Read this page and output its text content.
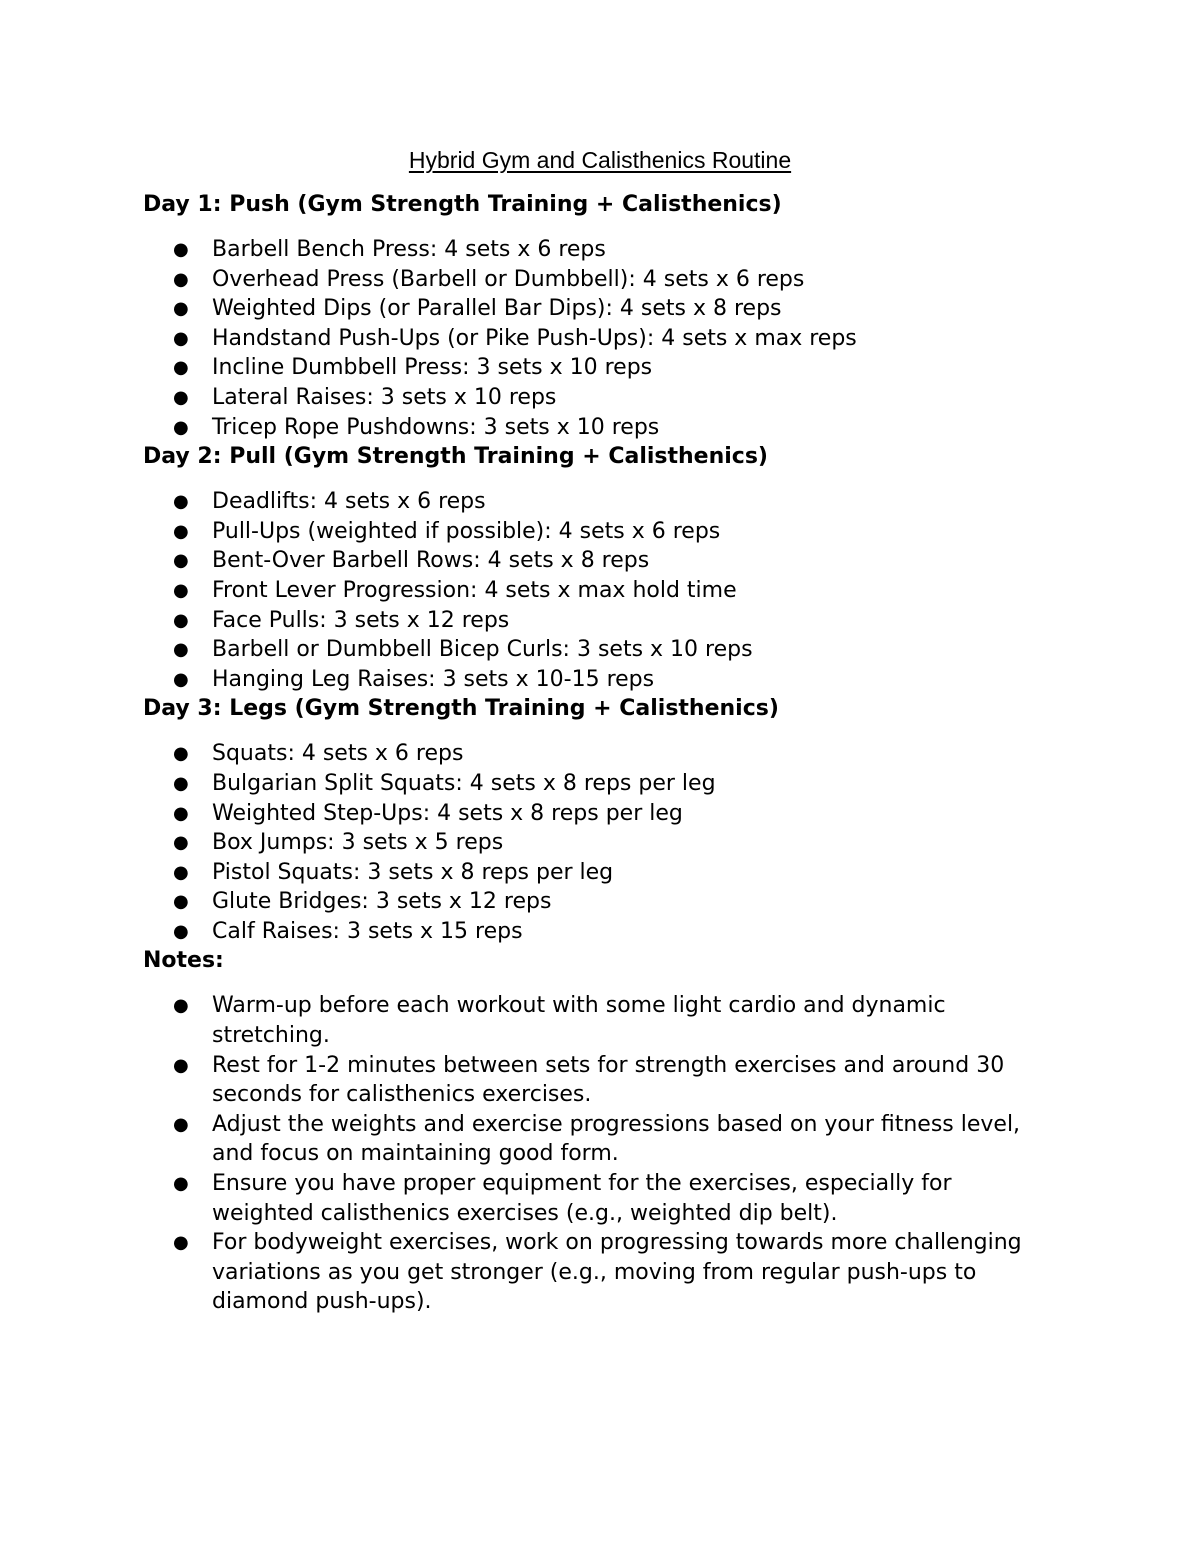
Hybrid Gym and Calisthenics Routine
Day 1: Push (Gym Strength Training + Calisthenics)
● Barbell Bench Press: 4 sets x 6 reps
● Overhead Press (Barbell or Dumbbell): 4 sets x 6 reps
● Weighted Dips (or Parallel Bar Dips): 4 sets x 8 reps
● Handstand Push-Ups (or Pike Push-Ups): 4 sets x max reps
● Incline Dumbbell Press: 3 sets x 10 reps
● Lateral Raises: 3 sets x 10 reps
● Tricep Rope Pushdowns: 3 sets x 10 reps
Day 2: Pull (Gym Strength Training + Calisthenics)
● Deadlifts: 4 sets x 6 reps
● Pull-Ups (weighted if possible): 4 sets x 6 reps
● Bent-Over Barbell Rows: 4 sets x 8 reps
● Front Lever Progression: 4 sets x max hold time
● Face Pulls: 3 sets x 12 reps
● Barbell or Dumbbell Bicep Curls: 3 sets x 10 reps
● Hanging Leg Raises: 3 sets x 10-15 reps
Day 3: Legs (Gym Strength Training + Calisthenics)
● Squats: 4 sets x 6 reps
● Bulgarian Split Squats: 4 sets x 8 reps per leg
● Weighted Step-Ups: 4 sets x 8 reps per leg
● Box Jumps: 3 sets x 5 reps
● Pistol Squats: 3 sets x 8 reps per leg
● Glute Bridges: 3 sets x 12 reps
● Calf Raises: 3 sets x 15 reps
Notes:
● Warm-up before each workout with some light cardio and dynamic stretching.
● Rest for 1-2 minutes between sets for strength exercises and around 30 seconds for calisthenics exercises.
● Adjust the weights and exercise progressions based on your fitness level, and focus on maintaining good form.
● Ensure you have proper equipment for the exercises, especially for weighted calisthenics exercises (e.g., weighted dip belt).
● For bodyweight exercises, work on progressing towards more challenging variations as you get stronger (e.g., moving from regular push-ups to diamond push-ups).
